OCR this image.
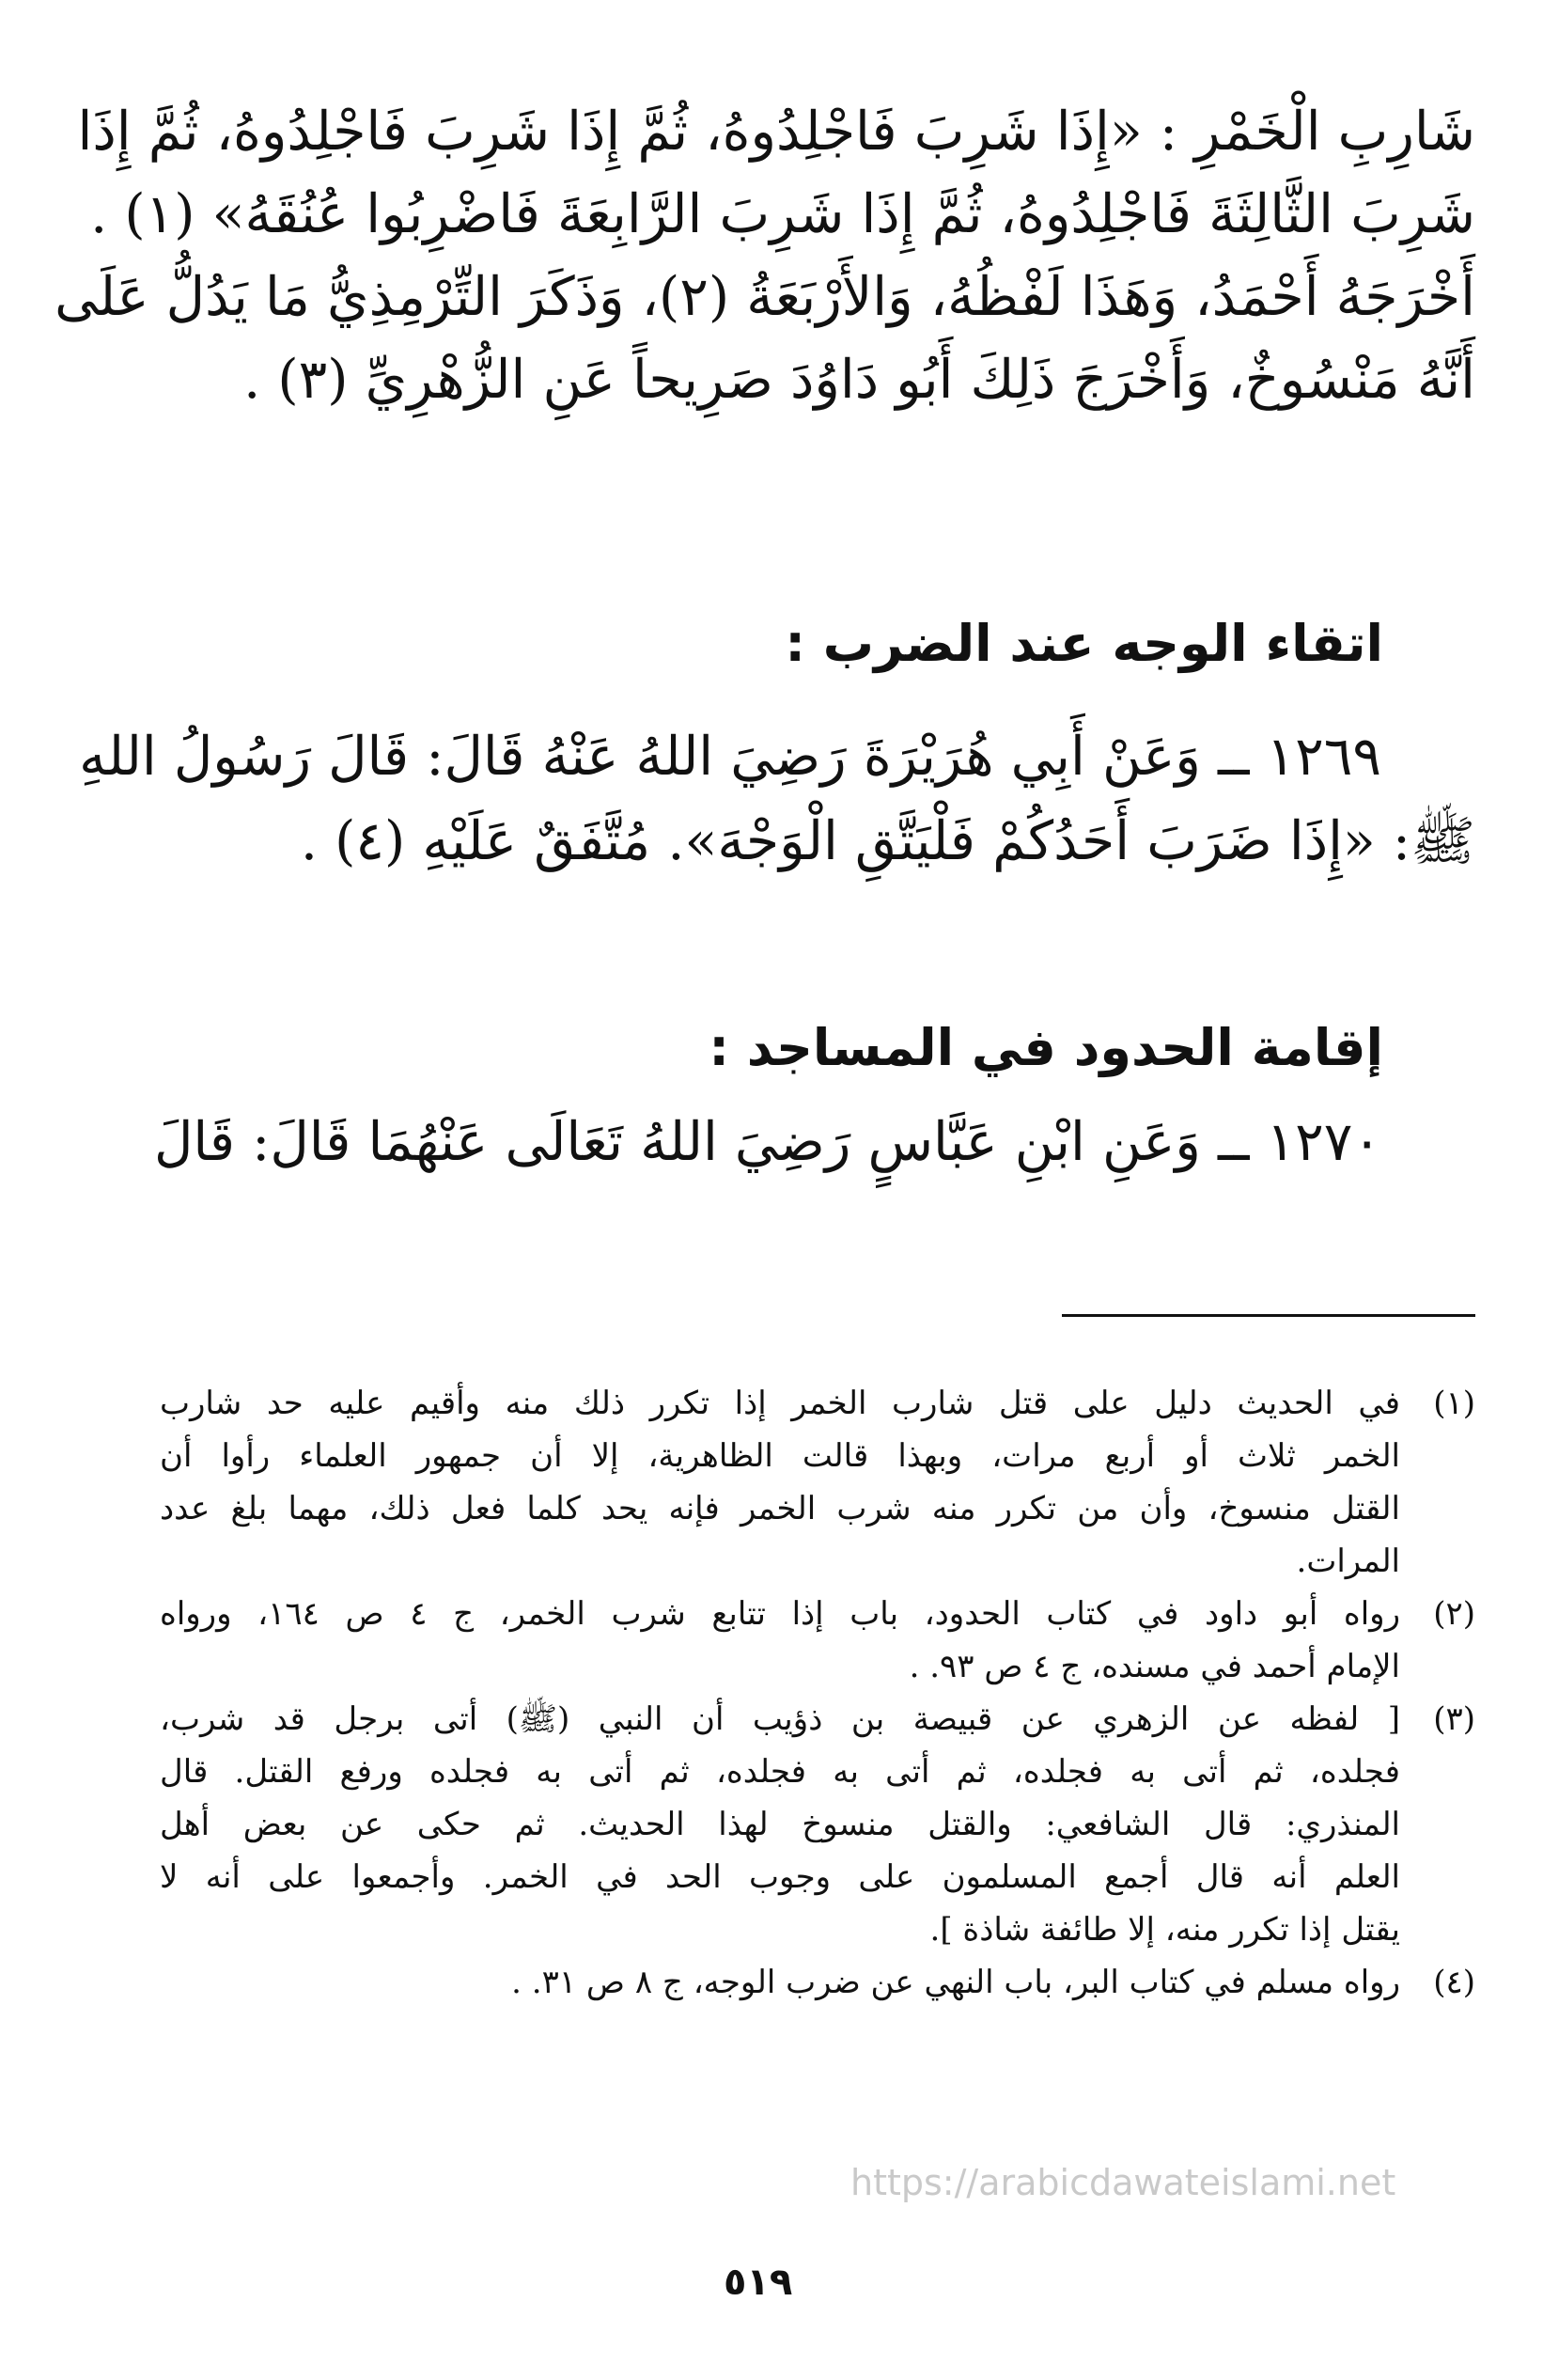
شَارِبِ الْخَمْرِ : «إِذَا شَرِبَ فَاجْلِدُوهُ، ثُمَّ إِذَا شَرِبَ فَاجْلِدُوهُ، ثُمَّ إِذَا
شَرِبَ الثَّالِثَةَ فَاجْلِدُوهُ، ثُمَّ إِذَا شَرِبَ الرَّابِعَةَ فَاضْرِبُوا عُنُقَهُ» (١) .
أَخْرَجَهُ أَحْمَدُ، وَهَذَا لَفْظُهُ، وَالأَرْبَعَةُ (٢)، وَذَكَرَ التِّرْمِذِيُّ مَا يَدُلُّ عَلَى
أَنَّهُ مَنْسُوخٌ، وَأَخْرَجَ ذَلِكَ أَبُو دَاوُدَ صَرِيحاً عَنِ الزُّهْرِيِّ (٣) .
اتقاء الوجه عند الضرب :
١٢٦٩ ــ وَعَنْ أَبِي هُرَيْرَةَ رَضِيَ اللهُ عَنْهُ قَالَ: قَالَ رَسُولُ اللهِ
ﷺ: «إِذَا ضَرَبَ أَحَدُكُمْ فَلْيَتَّقِ الْوَجْهَ». مُتَّفَقٌ عَلَيْهِ (٤) .
إقامة الحدود في المساجد :
١٢٧٠ ــ وَعَنِ ابْنِ عَبَّاسٍ رَضِيَ اللهُ تَعَالَى عَنْهُمَا قَالَ: قَالَ
(١)
في الحديث دليل على قتل شارب الخمر إذا تكرر ذلك منه وأقيم عليه حد شارب
الخمر ثلاث أو أربع مرات، وبهذا قالت الظاهرية، إلا أن جمهور العلماء رأوا أن
القتل منسوخ، وأن من تكرر منه شرب الخمر فإنه يحد كلما فعل ذلك، مهما بلغ عدد
المرات.
(٢)
رواه أبو داود في كتاب الحدود، باب إذا تتابع شرب الخمر، ج ٤ ص ١٦٤، ورواه
الإمام أحمد في مسنده، ج ٤ ص ٩٣. .
(٣)
[ لفظه عن الزهري عن قبيصة بن ذؤيب أن النبي (ﷺ) أتى برجل قد شرب،
فجلده، ثم أتى به فجلده، ثم أتى به فجلده، ثم أتى به فجلده ورفع القتل. قال
المنذري: قال الشافعي: والقتل منسوخ لهذا الحديث. ثم حكى عن بعض أهل
العلم أنه قال أجمع المسلمون على وجوب الحد في الخمر. وأجمعوا على أنه لا
يقتل إذا تكرر منه، إلا طائفة شاذة ].
(٤)
رواه مسلم في كتاب البر، باب النهي عن ضرب الوجه، ج ٨ ص ٣١. .
https://arabicdawateislami.net
٥١٩
